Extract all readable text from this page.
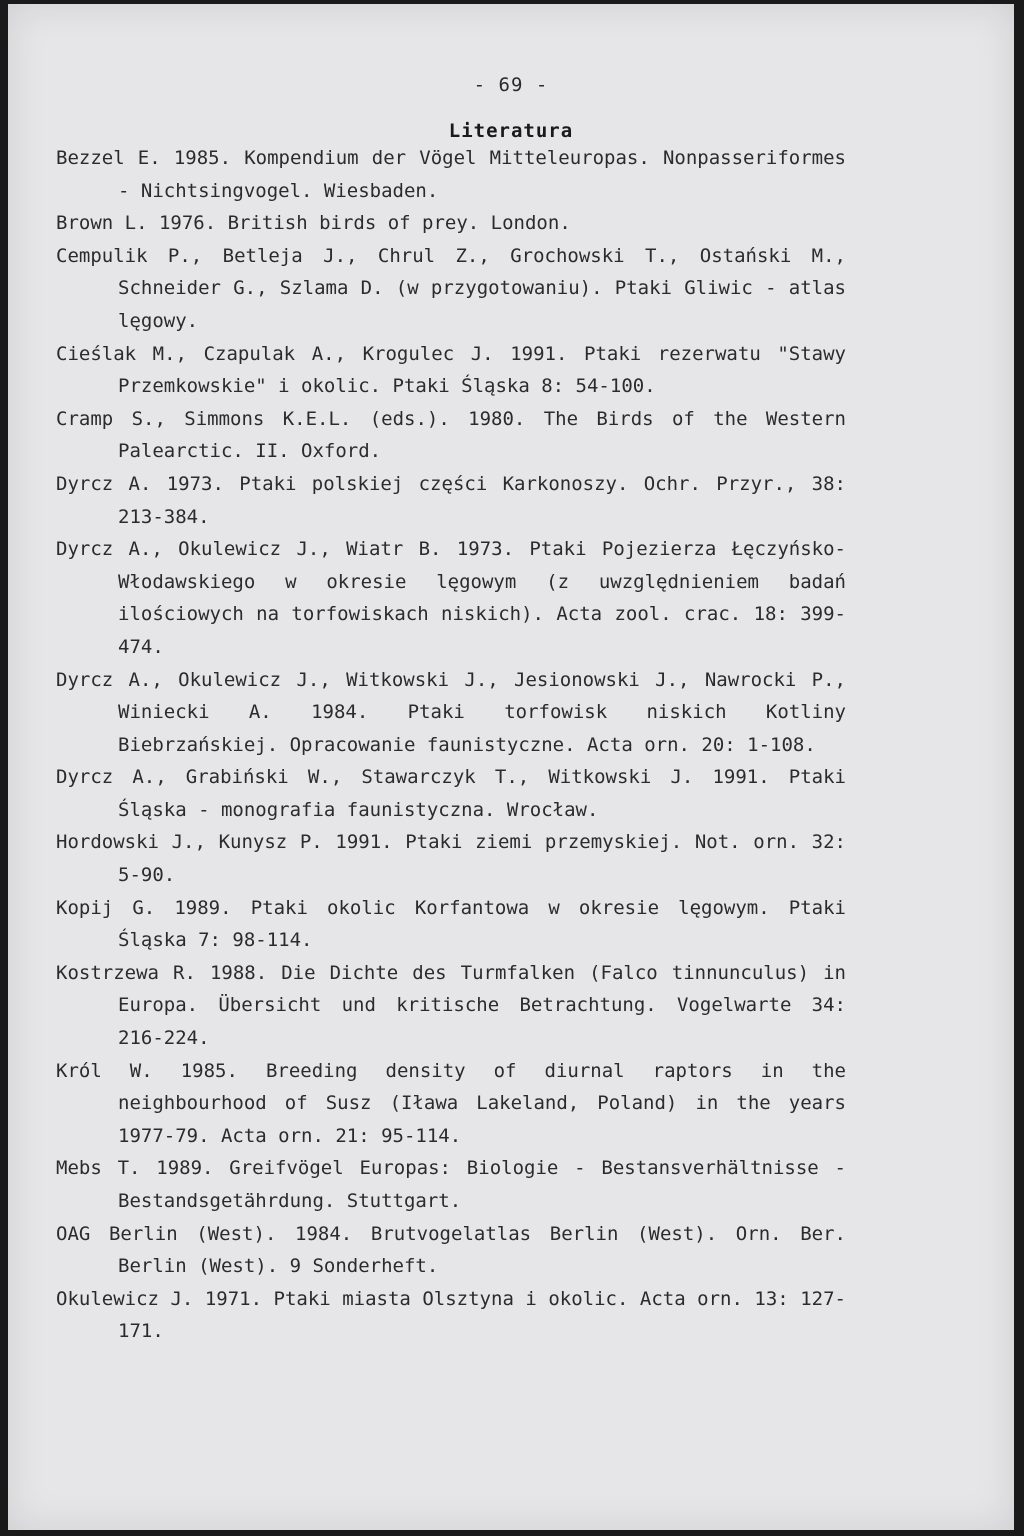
- 69 -
Literatura
Bezzel E. 1985. Kompendium der Vögel Mitteleuropas. Nonpasseriformes - Nichtsingvogel. Wiesbaden.
Brown L. 1976. British birds of prey. London.
Cempulik P., Betleja J., Chrul Z., Grochowski T., Ostański M., Schneider G., Szlama D. (w przygotowaniu). Ptaki Gliwic - atlas lęgowy.
Cieślak M., Czapulak A., Krogulec J. 1991. Ptaki rezerwatu "Stawy Przemkowskie" i okolic. Ptaki Śląska 8: 54-100.
Cramp S., Simmons K.E.L. (eds.). 1980. The Birds of the Western Palearctic. II. Oxford.
Dyrcz A. 1973. Ptaki polskiej części Karkonoszy. Ochr. Przyr., 38: 213-384.
Dyrcz A., Okulewicz J., Wiatr B. 1973. Ptaki Pojezierza Łęczyńsko-Włodawskiego w okresie lęgowym (z uwzględnieniem badań ilościowych na torfowiskach niskich). Acta zool. crac. 18: 399-474.
Dyrcz A., Okulewicz J., Witkowski J., Jesionowski J., Nawrocki P., Winiecki A. 1984. Ptaki torfowisk niskich Kotliny Biebrzańskiej. Opracowanie faunistyczne. Acta orn. 20: 1-108.
Dyrcz A., Grabiński W., Stawarczyk T., Witkowski J. 1991. Ptaki Śląska - monografia faunistyczna. Wrocław.
Hordowski J., Kunysz P. 1991. Ptaki ziemi przemyskiej. Not. orn. 32: 5-90.
Kopij G. 1989. Ptaki okolic Korfantowa w okresie lęgowym. Ptaki Śląska 7: 98-114.
Kostrzewa R. 1988. Die Dichte des Turmfalken (Falco tinnunculus) in Europa. Übersicht und kritische Betrachtung. Vogelwarte 34: 216-224.
Król W. 1985. Breeding density of diurnal raptors in the neighbourhood of Susz (Iława Lakeland, Poland) in the years 1977-79. Acta orn. 21: 95-114.
Mebs T. 1989. Greifvögel Europas: Biologie - Bestansverhältnisse - Bestandsgetährdung. Stuttgart.
OAG Berlin (West). 1984. Brutvogelatlas Berlin (West). Orn. Ber. Berlin (West). 9 Sonderheft.
Okulewicz J. 1971. Ptaki miasta Olsztyna i okolic. Acta orn. 13: 127-171.
